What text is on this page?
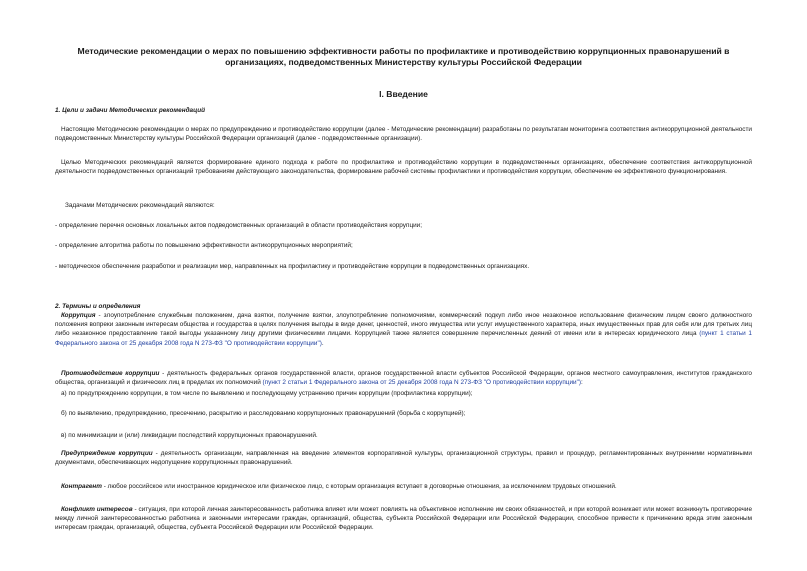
Методические рекомендации о мерах по повышению эффективности работы по профилактике и противодействию коррупционных правонарушений в организациях, подведомственных Министерству культуры Российской Федерации
I. Введение
1. Цели и задачи Методических рекомендаций
Настоящие Методические рекомендации о мерах по предупреждению и противодействию коррупции (далее - Методические рекомендации) разработаны по результатам мониторинга соответствия антикоррупционной деятельности подведомственных Министерству культуры Российской Федерации организаций (далее - подведомственные организации).
Целью Методических рекомендаций является формирование единого подхода к работе по профилактике и противодействию коррупции в подведомственных организациях, обеспечение соответствия антикоррупционной деятельности подведомственных организаций требованиям действующего законодательства, формирование рабочей системы профилактики и противодействия коррупции, обеспечение ее эффективного функционирования.
Задачами Методических рекомендаций являются:
- определение перечня основных локальных актов подведомственных организаций в области противодействия коррупции;
- определение алгоритма работы по повышению эффективности антикоррупционных мероприятий;
- методическое обеспечение разработки и реализации мер, направленных на профилактику и противодействие коррупции в подведомственных организациях.
2. Термины и определения
Коррупция - злоупотребление служебным положением, дача взятки, получение взятки, злоупотребление полномочиями, коммерческий подкуп либо иное незаконное использование физическим лицом своего должностного положения вопреки законным интересам общества и государства в целях получения выгоды в виде денег, ценностей, иного имущества или услуг имущественного характера, иных имущественных прав для себя или для третьих лиц либо незаконное предоставление такой выгоды указанному лицу другими физическими лицами. Коррупцией также является совершение перечисленных деяний от имени или в интересах юридического лица (пункт 1 статьи 1 Федерального закона от 25 декабря 2008 года N 273-ФЗ "О противодействии коррупции").
Противодействие коррупции - деятельность федеральных органов государственной власти, органов государственной власти субъектов Российской Федерации, органов местного самоуправления, институтов гражданского общества, организаций и физических лиц в пределах их полномочий (пункт 2 статьи 1 Федерального закона от 25 декабря 2008 года N 273-ФЗ "О противодействии коррупции"):
а) по предупреждению коррупции, в том числе по выявлению и последующему устранению причин коррупции (профилактика коррупции);
б) по выявлению, предупреждению, пресечению, раскрытию и расследованию коррупционных правонарушений (борьба с коррупцией);
в) по минимизации и (или) ликвидации последствий коррупционных правонарушений.
Предупреждение коррупции - деятельность организации, направленная на введение элементов корпоративной культуры, организационной структуры, правил и процедур, регламентированных внутренними нормативными документами, обеспечивающих недопущение коррупционных правонарушений.
Контрагент - любое российское или иностранное юридическое или физическое лицо, с которым организация вступает в договорные отношения, за исключением трудовых отношений.
Конфликт интересов - ситуация, при которой личная заинтересованность работника влияет или может повлиять на объективное исполнение им своих обязанностей, и при которой возникает или может возникнуть противоречие между личной заинтересованностью работника и законными интересами граждан, организаций, общества, субъекта Российской Федерации или Российской Федерации, способное привести к причинению вреда этим законным интересам граждан, организаций, общества, субъекта Российской Федерации или Российской Федерации.
